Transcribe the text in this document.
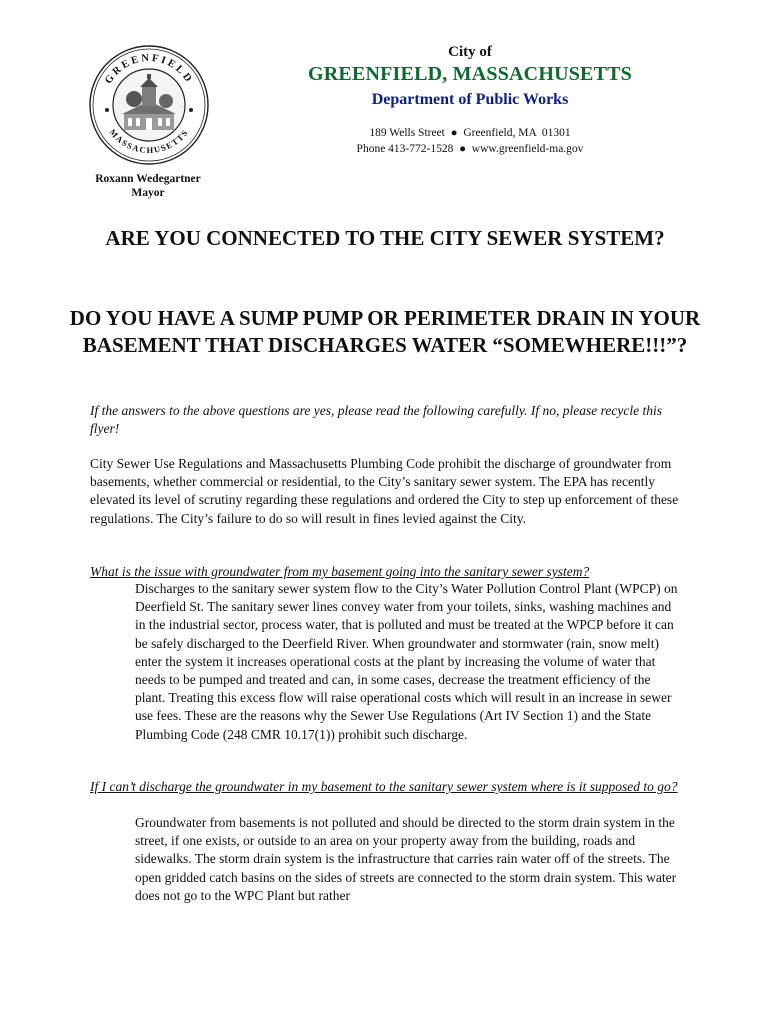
GREENFIELD
MASSACHUSETTS
Roxann Wedegartner
Mayor
City of
GREENFIELD, MASSACHUSETTS
Department of Public Works
189 Wells Street  ●  Greenfield, MA  01301
Phone 413-772-1528  ●  www.greenfield-ma.gov
ARE YOU CONNECTED TO THE CITY SEWER SYSTEM?
DO YOU HAVE A SUMP PUMP OR PERIMETER DRAIN IN YOUR BASEMENT THAT DISCHARGES WATER “SOMEWHERE!!!”?
If the answers to the above questions are yes, please read the following carefully. If no, please recycle this flyer!
City Sewer Use Regulations and Massachusetts Plumbing Code prohibit the discharge of groundwater from basements, whether commercial or residential, to the City’s sanitary sewer system. The EPA has recently elevated its level of scrutiny regarding these regulations and ordered the City to step up enforcement of these regulations. The City’s failure to do so will result in fines levied against the City.
What is the issue with groundwater from my basement going into the sanitary sewer system?
Discharges to the sanitary sewer system flow to the City’s Water Pollution Control Plant (WPCP) on Deerfield St. The sanitary sewer lines convey water from your toilets, sinks, washing machines and in the industrial sector, process water, that is polluted and must be treated at the WPCP before it can be safely discharged to the Deerfield River. When groundwater and stormwater (rain, snow melt) enter the system it increases operational costs at the plant by increasing the volume of water that needs to be pumped and treated and can, in some cases, decrease the treatment efficiency of the plant. Treating this excess flow will raise operational costs which will result in an increase in sewer use fees. These are the reasons why the Sewer Use Regulations (Art IV Section 1) and the State Plumbing Code (248 CMR 10.17(1)) prohibit such discharge.
If I can’t discharge the groundwater in my basement to the sanitary sewer system where is it supposed to go?
Groundwater from basements is not polluted and should be directed to the storm drain system in the street, if one exists, or outside to an area on your property away from the building, roads and sidewalks. The storm drain system is the infrastructure that carries rain water off of the streets. The open gridded catch basins on the sides of streets are connected to the storm drain system. This water does not go to the WPC Plant but rather
